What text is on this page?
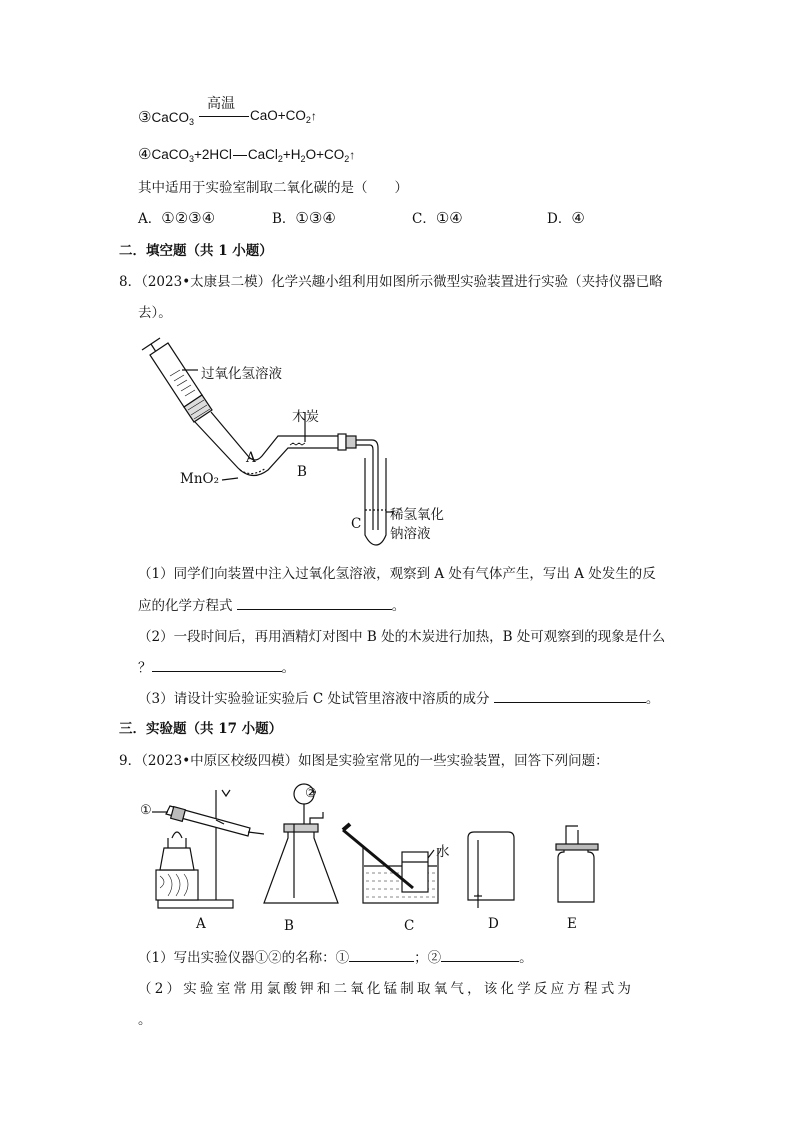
③CaCO$_3$
高温
$CaO+CO_2↑$
④CaCO$_3$+2HCl $CaCl_2+H_2O+CO_2↑$
其中适用于实验室制取二氧化碳的是（　　）
A．①②③④	B．①③④	C．①④	D．④
二．填空题（共 1 小题）
8．（2023•太康县二模）化学兴趣小组利用如图所示微型实验装置进行实验（夹持仪器已略
去）。
过氧化氢溶液
木炭
A
B
MnO₂
稀氢氧化
钠溶液
C
（1）同学们向装置中注入过氧化氢溶液，观察到 A 处有气体产生，写出 A 处发生的反
应的化学方程式	。
（2）一段时间后，再用酒精灯对图中 B 处的木炭进行加热，B 处可观察到的现象是什么
？	。
（3）请设计实验验证实验后 C 处试管里溶液中溶质的成分	。
三．实验题（共 17 小题）
9．（2023•中原区校级四模）如图是实验室常见的一些实验装置，回答下列问题：
①
②
水
A	B	C	D	E
（1）写出实验仪器①②的名称：①	；②	。
（2）实验室常用氯酸钾和二氧化锰制取氧气，该化学反应方程式为
。
